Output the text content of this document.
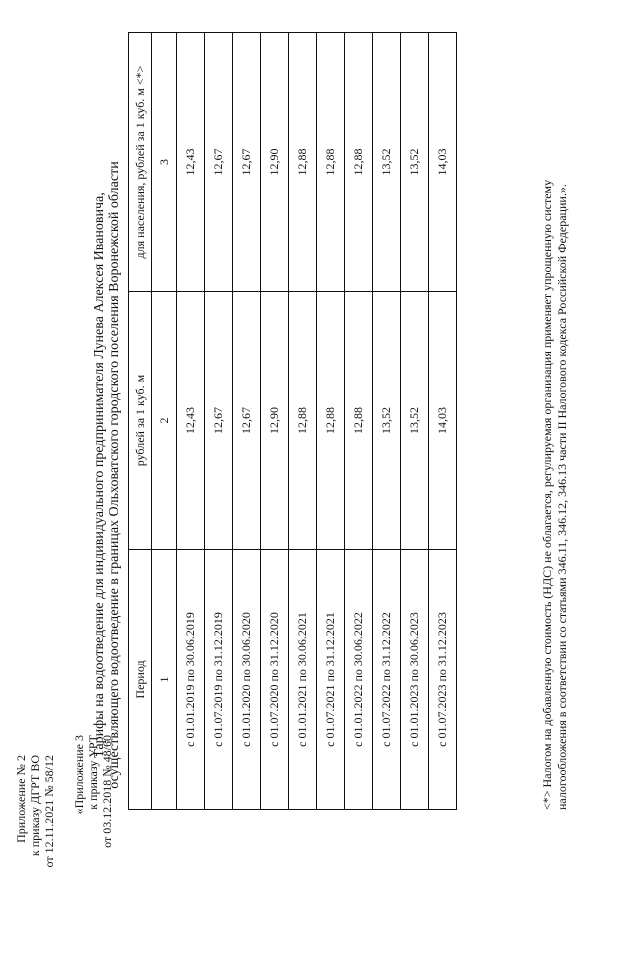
Приложение № 2 к приказу ДГРТ ВО от 12.11.2021 № 58/12 «Приложение 3 к приказу УРТ от 03.12.2018 № 48/60
Тарифы на водоотведение для индивидуального предпринимателя Лунева Алексея Ивановича, осуществляющего водоотведение в границах Ольховатского городского поселения Воронежской области Период	рублей за 1 куб. м	для населения, рублей за 1 куб. м <*>
1	2	3
с 01.01.2019 по 30.06.2019	12,43	12,43
с 01.07.2019 по 31.12.2019	12,67	12,67
с 01.01.2020 по 30.06.2020	12,67	12,67
с 01.07.2020 по 31.12.2020	12,90	12,90
с 01.01.2021 по 30.06.2021	12,88	12,88
с 01.07.2021 по 31.12.2021	12,88	12,88
с 01.01.2022 по 30.06.2022	12,88	12,88
с 01.07.2022 по 31.12.2022	13,52	13,52
с 01.01.2023 по 30.06.2023	13,52	13,52
с 01.07.2023 по 31.12.2023	14,03	14,03
<*> Налогом на добавленную стоимость (НДС) не облагается, регулируемая организация применяет упрощенную систему налогообложения в соответствии со статьями 346.11, 346.12, 346.13 части II Налогового кодекса Российской Федерации.».
